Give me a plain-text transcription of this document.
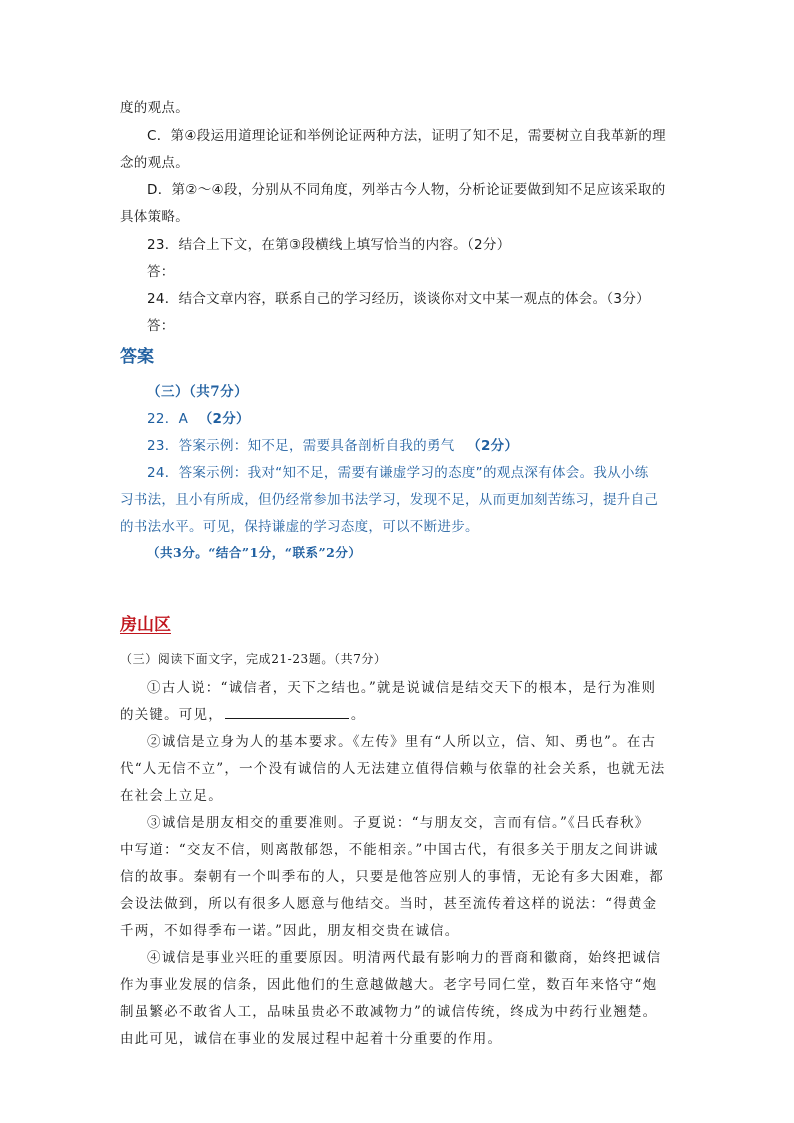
度的观点。
C．第④段运用道理论证和举例论证两种方法，证明了知不足，需要树立自我革新的理
念的观点。
D．第②～④段，分别从不同角度，列举古今人物，分析论证要做到知不足应该采取的
具体策略。
23．结合上下文，在第③段横线上填写恰当的内容。（2分）
答：
24．结合文章内容，联系自己的学习经历，谈谈你对文中某一观点的体会。（3分）
答：
答案
（三）（共7分）
22．A （2分）
23．答案示例：知不足，需要具备剖析自我的勇气 （2分）
24．答案示例：我对“知不足，需要有谦虚学习的态度”的观点深有体会。我从小练
习书法，且小有所成，但仍经常参加书法学习，发现不足，从而更加刻苦练习，提升自己
的书法水平。可见，保持谦虚的学习态度，可以不断进步。
（共3分。“结合”1分，“联系”2分）
房山区
（三）阅读下面文字，完成21-23题。（共7分）
①古人说：“诚信者，天下之结也。”就是说诚信是结交天下的根本，是行为准则
的关键。可见，	。
②诚信是立身为人的基本要求。《左传》里有“人所以立，信、知、勇也”。在古
代“人无信不立”，一个没有诚信的人无法建立值得信赖与依靠的社会关系，也就无法
在社会上立足。
③诚信是朋友相交的重要准则。子夏说：“与朋友交，言而有信。”《吕氏春秋》
中写道：“交友不信，则离散郁怨，不能相亲。”中国古代，有很多关于朋友之间讲诚
信的故事。秦朝有一个叫季布的人，只要是他答应别人的事情，无论有多大困难，都
会设法做到，所以有很多人愿意与他结交。当时，甚至流传着这样的说法：“得黄金
千两，不如得季布一诺。”因此，朋友相交贵在诚信。
④诚信是事业兴旺的重要原因。明清两代最有影响力的晋商和徽商，始终把诚信
作为事业发展的信条，因此他们的生意越做越大。老字号同仁堂，数百年来恪守“炮
制虽繁必不敢省人工，品味虽贵必不敢减物力”的诚信传统，终成为中药行业翘楚。
由此可见，诚信在事业的发展过程中起着十分重要的作用。
